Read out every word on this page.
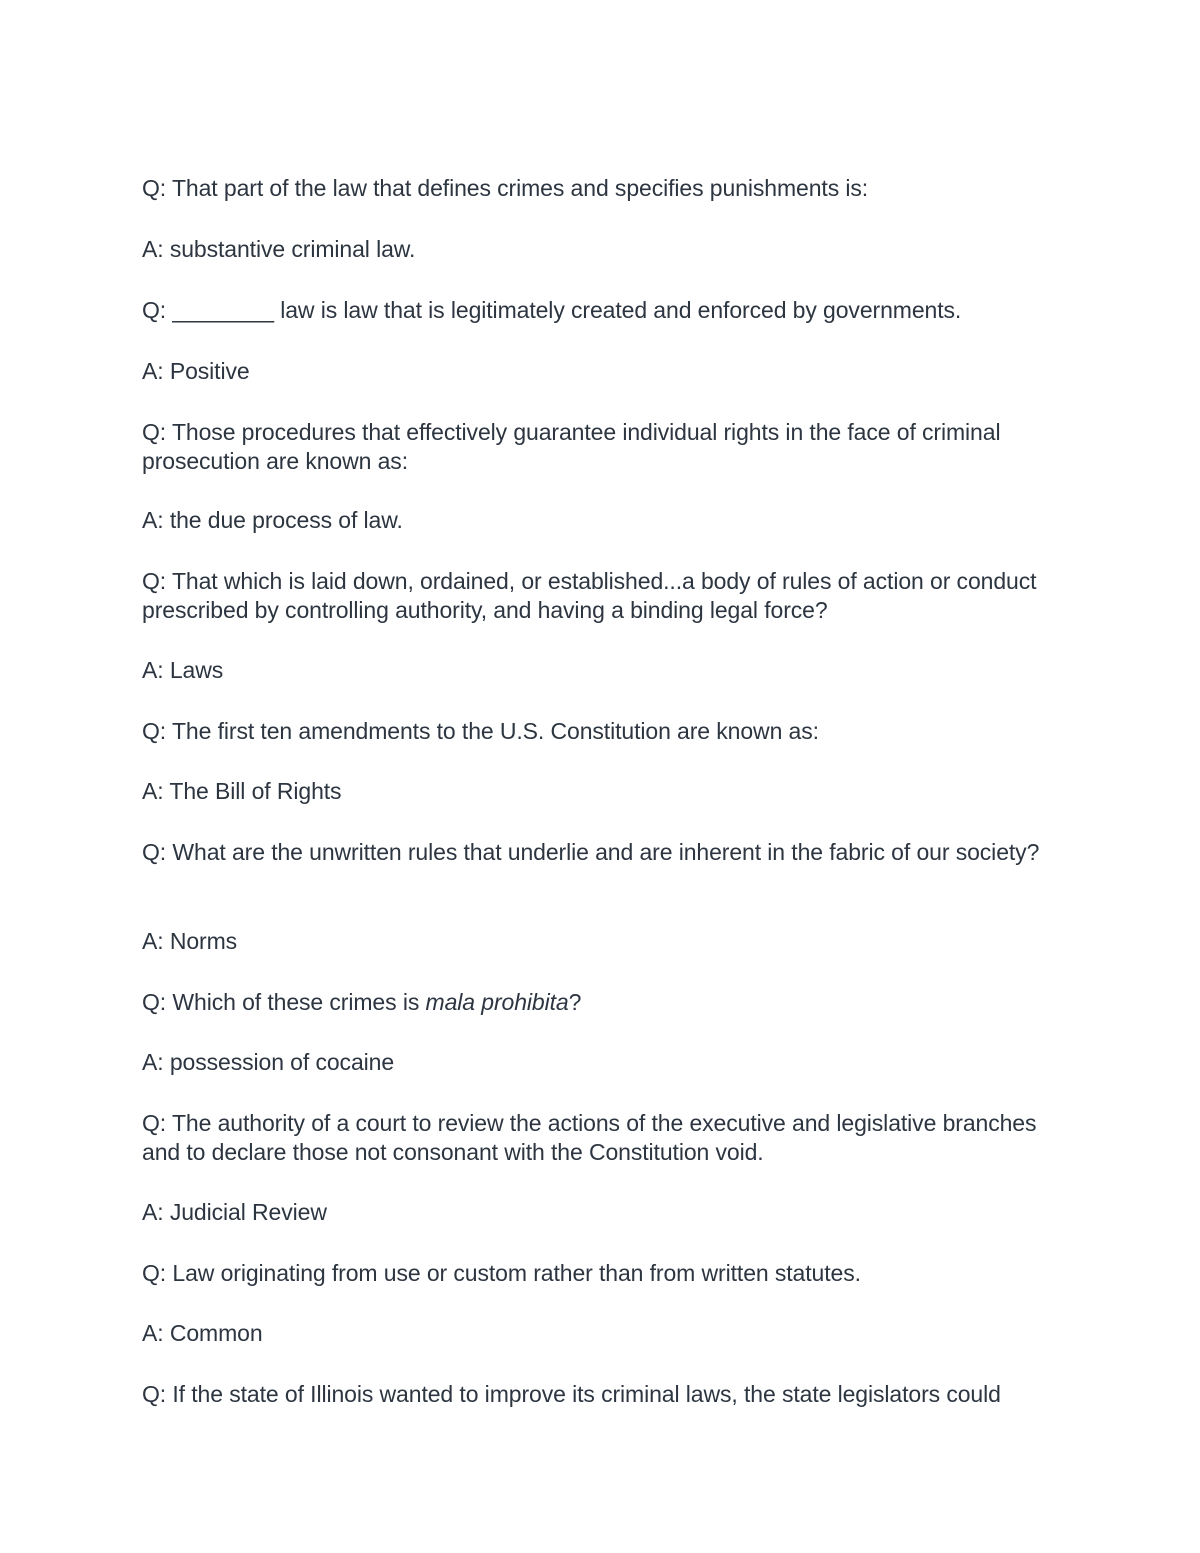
Q: That part of the law that defines crimes and specifies punishments is:

A: substantive criminal law.

Q: ________ law is law that is legitimately created and enforced by governments.

A: Positive

Q: Those procedures that effectively guarantee individual rights in the face of criminal prosecution are known as:

A: the due process of law.

Q: That which is laid down, ordained, or established...a body of rules of action or conduct prescribed by controlling authority, and having a binding legal force?

A: Laws

Q: The first ten amendments to the U.S. Constitution are known as:

A: The Bill of Rights

Q: What are the unwritten rules that underlie and are inherent in the fabric of our society?

A: Norms

Q: Which of these crimes is mala prohibita?

A: possession of cocaine

Q: The authority of a court to review the actions of the executive and legislative branches and to declare those not consonant with the Constitution void.

A: Judicial Review

Q: Law originating from use or custom rather than from written statutes.

A: Common

Q: If the state of Illinois wanted to improve its criminal laws, the state legislators could
